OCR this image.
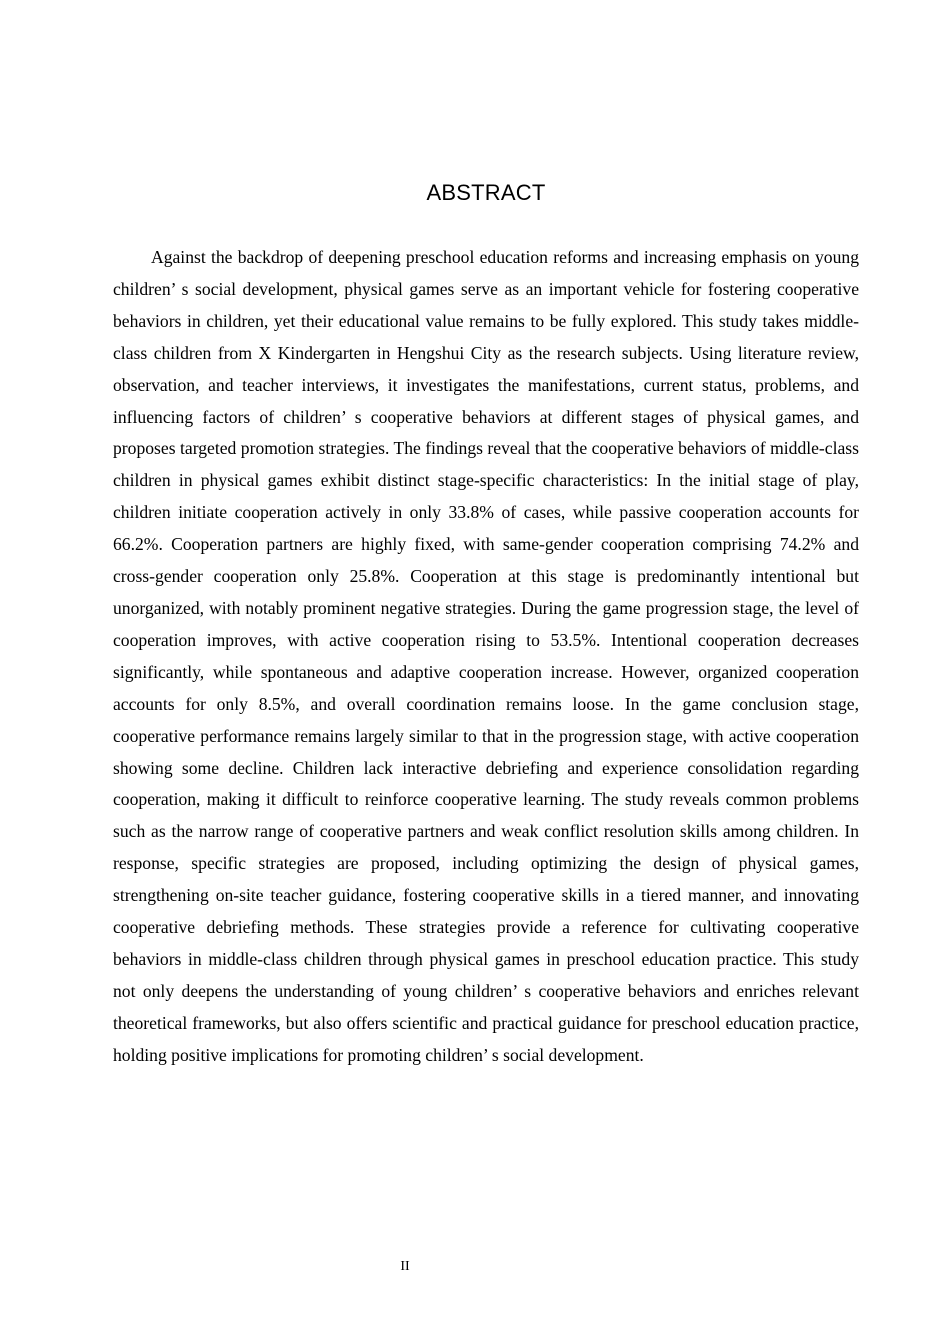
ABSTRACT

Against the backdrop of deepening preschool education reforms and increasing emphasis on young children’ s social development, physical games serve as an important vehicle for fostering cooperative behaviors in children, yet their educational value remains to be fully explored. This study takes middle-class children from X Kindergarten in Hengshui City as the research subjects. Using literature review, observation, and teacher interviews, it investigates the manifestations, current status, problems, and influencing factors of children’ s cooperative behaviors at different stages of physical games, and proposes targeted promotion strategies. The findings reveal that the cooperative behaviors of middle-class children in physical games exhibit distinct stage-specific characteristics: In the initial stage of play, children initiate cooperation actively in only 33.8% of cases, while passive cooperation accounts for 66.2%. Cooperation partners are highly fixed, with same-gender cooperation comprising 74.2% and cross-gender cooperation only 25.8%. Cooperation at this stage is predominantly intentional but unorganized, with notably prominent negative strategies. During the game progression stage, the level of cooperation improves, with active cooperation rising to 53.5%. Intentional cooperation decreases significantly, while spontaneous and adaptive cooperation increase. However, organized cooperation accounts for only 8.5%, and overall coordination remains loose. In the game conclusion stage, cooperative performance remains largely similar to that in the progression stage, with active cooperation showing some decline. Children lack interactive debriefing and experience consolidation regarding cooperation, making it difficult to reinforce cooperative learning. The study reveals common problems such as the narrow range of cooperative partners and weak conflict resolution skills among children. In response, specific strategies are proposed, including optimizing the design of physical games, strengthening on-site teacher guidance, fostering cooperative skills in a tiered manner, and innovating cooperative debriefing methods. These strategies provide a reference for cultivating cooperative behaviors in middle-class children through physical games in preschool education practice. This study not only deepens the understanding of young children’ s cooperative behaviors and enriches relevant theoretical frameworks, but also offers scientific and practical guidance for preschool education practice, holding positive implications for promoting children’ s social development.

II
